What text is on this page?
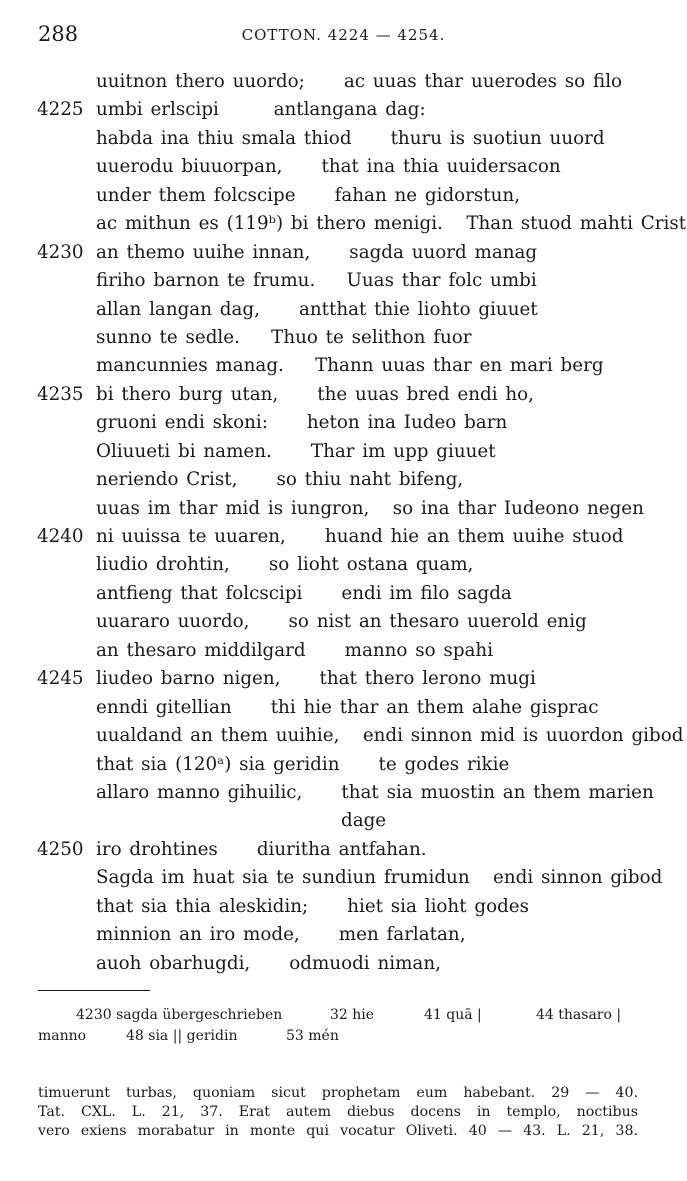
288	COTTON. 4224 — 4254.
uuitnon thero uuordo;     ac uuas thar uuerodes so filo
4225 umbi erlscipi       antlangana dag:
habda ina thiu smala thiod     thuru is suotiun uuord
uuerodu biuuorpan,     that ina thia uuidersacon
under them folcscipe     fahan ne gidorstun,
ac mithun es (119ᵇ) bi thero menigi.   Than stuod mahti Crist
4230 an themo uuihe innan,     sagda uuord manag
firiho barnon te frumu.    Uuas thar folc umbi
allan langan dag,     antthat thie liohto giuuet
sunno te sedle.    Thuo te selithon fuor
mancunnies manag.    Thann uuas thar en mari berg
4235 bi thero burg utan,     the uuas bred endi ho,
gruoni endi skoni:     heton ina Iudeo barn
Oliuueti bi namen.     Thar im upp giuuet
neriendo Crist,     so thiu naht bifeng,
uuas im thar mid is iungron,   so ina thar Iudeono negen
4240 ni uuissa te uuaren,     huand hie an them uuihe stuod
liudio drohtin,     so lioht ostana quam,
antfieng that folcscipi     endi im filo sagda
uuararo uuordo,     so nist an thesaro uuerold enig
an thesaro middilgard     manno so spahi
4245 liudeo barno nigen,     that thero lerono mugi
enndi gitellian     thi hie thar an them alahe gisprac
uualdand an them uuihie,   endi sinnon mid is uuordon gibod
that sia (120ᵃ) sia geridin     te godes rikie
allaro manno gihuilic,     that sia muostin an them marien
dage
4250 iro drohtines     diuritha antfahan.
Sagda im huat sia te sundiun frumidun   endi sinnon gibod
that sia thia aleskidin;     hiet sia lioht godes
minnion an iro mode,     men farlatan,
auoh obarhugdi,     odmuodi niman,
4230 sagda übergeschrieben	32 hie	41 quā |	44 thasaro |
manno	48 sia || geridin	53 mén
timuerunt turbas, quoniam sicut prophetam eum habebant. 29 — 40.
Tat. CXL. L. 21, 37. Erat autem diebus docens in templo, noctibus
vero exiens morabatur in monte qui vocatur Oliveti. 40 — 43. L. 21, 38.
